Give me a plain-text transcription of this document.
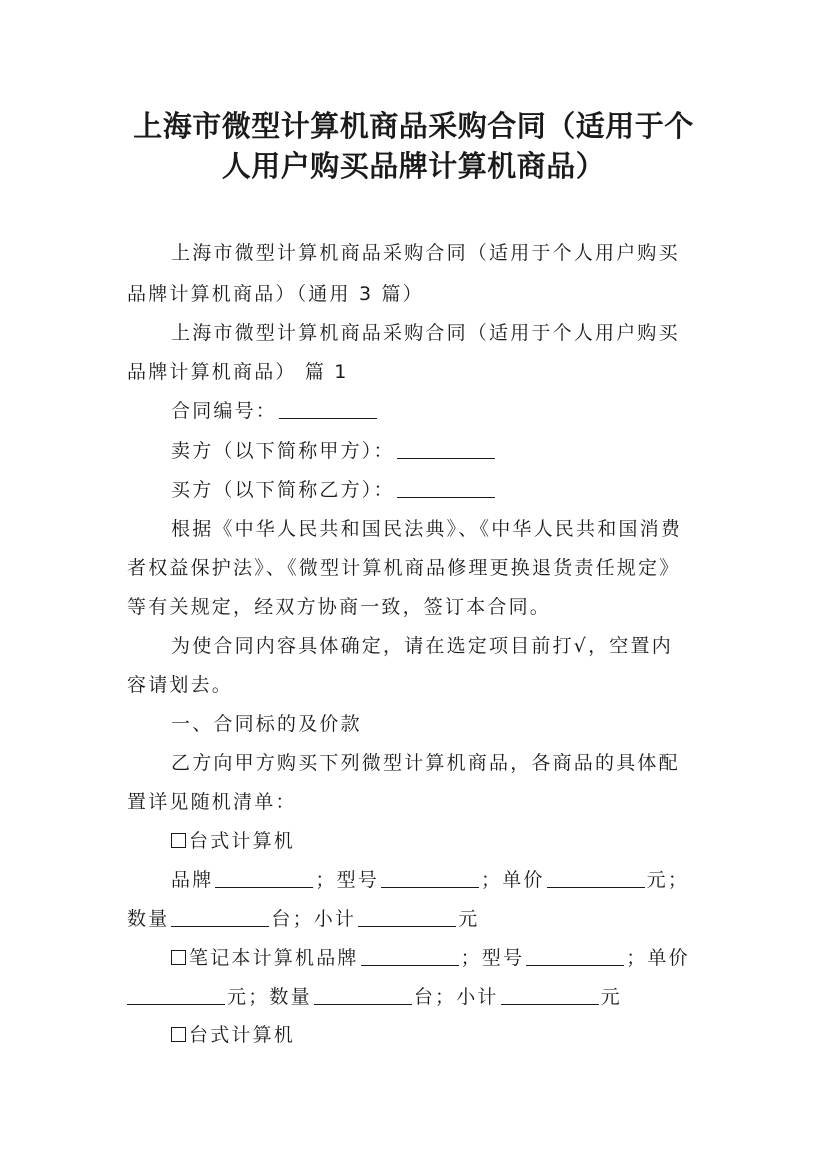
上海市微型计算机商品采购合同（适用于个
人用户购买品牌计算机商品）
上海市微型计算机商品采购合同（适用于个人用户购买
品牌计算机商品）（通用 3 篇）
上海市微型计算机商品采购合同（适用于个人用户购买
品牌计算机商品） 篇 1
合同编号：
卖方（以下简称甲方）：
买方（以下简称乙方）：
根据《中华人民共和国民法典》、《中华人民共和国消费
者权益保护法》、《微型计算机商品修理更换退货责任规定》
等有关规定，经双方协商一致，签订本合同。
为使合同内容具体确定，请在选定项目前打√，空置内
容请划去。
一、合同标的及价款
乙方向甲方购买下列微型计算机商品，各商品的具体配
置详见随机清单：
台式计算机
品牌	；型号	；单价	元；
数量	台；小计	元
笔记本计算机品牌	；型号	；单价
元；数量	台；小计	元
台式计算机
